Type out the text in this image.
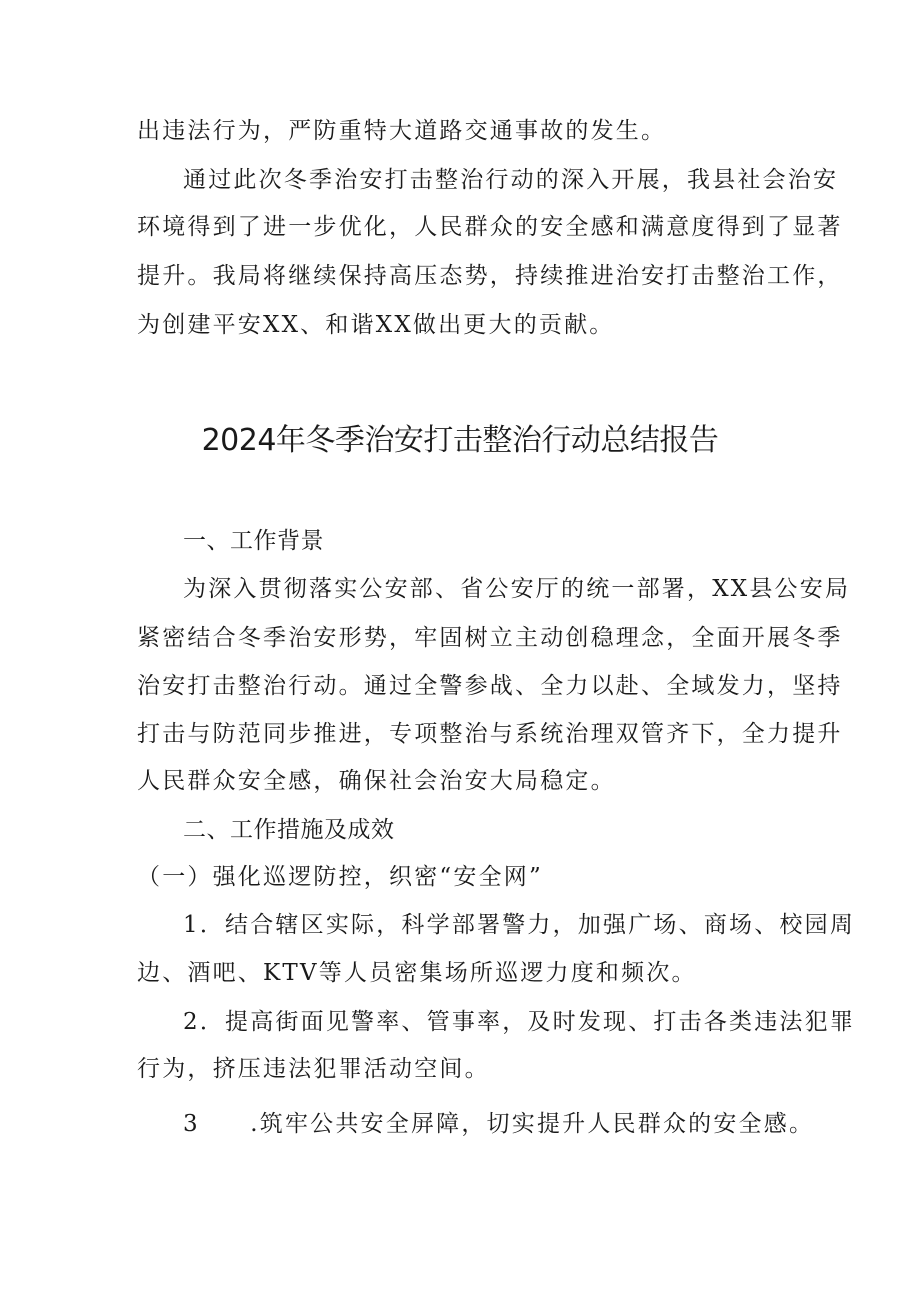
出违法行为，严防重特大道路交通事故的发生。
通过此次冬季治安打击整治行动的深入开展，我县社会治安
环境得到了进一步优化，人民群众的安全感和满意度得到了显著
提升。我局将继续保持高压态势，持续推进治安打击整治工作，
为创建平安XX、和谐XX做出更大的贡献。
2024年冬季治安打击整治行动总结报告
一、工作背景
为深入贯彻落实公安部、省公安厅的统一部署，XX县公安局
紧密结合冬季治安形势，牢固树立主动创稳理念，全面开展冬季
治安打击整治行动。通过全警参战、全力以赴、全域发力，坚持
打击与防范同步推进，专项整治与系统治理双管齐下，全力提升
人民群众安全感，确保社会治安大局稳定。
二、工作措施及成效
（一）强化巡逻防控，织密“安全网”
1．结合辖区实际，科学部署警力，加强广场、商场、校园周
边、酒吧、KTV等人员密集场所巡逻力度和频次。
2．提高街面见警率、管事率，及时发现、打击各类违法犯罪
行为，挤压违法犯罪活动空间。
3　　.筑牢公共安全屏障，切实提升人民群众的安全感。
